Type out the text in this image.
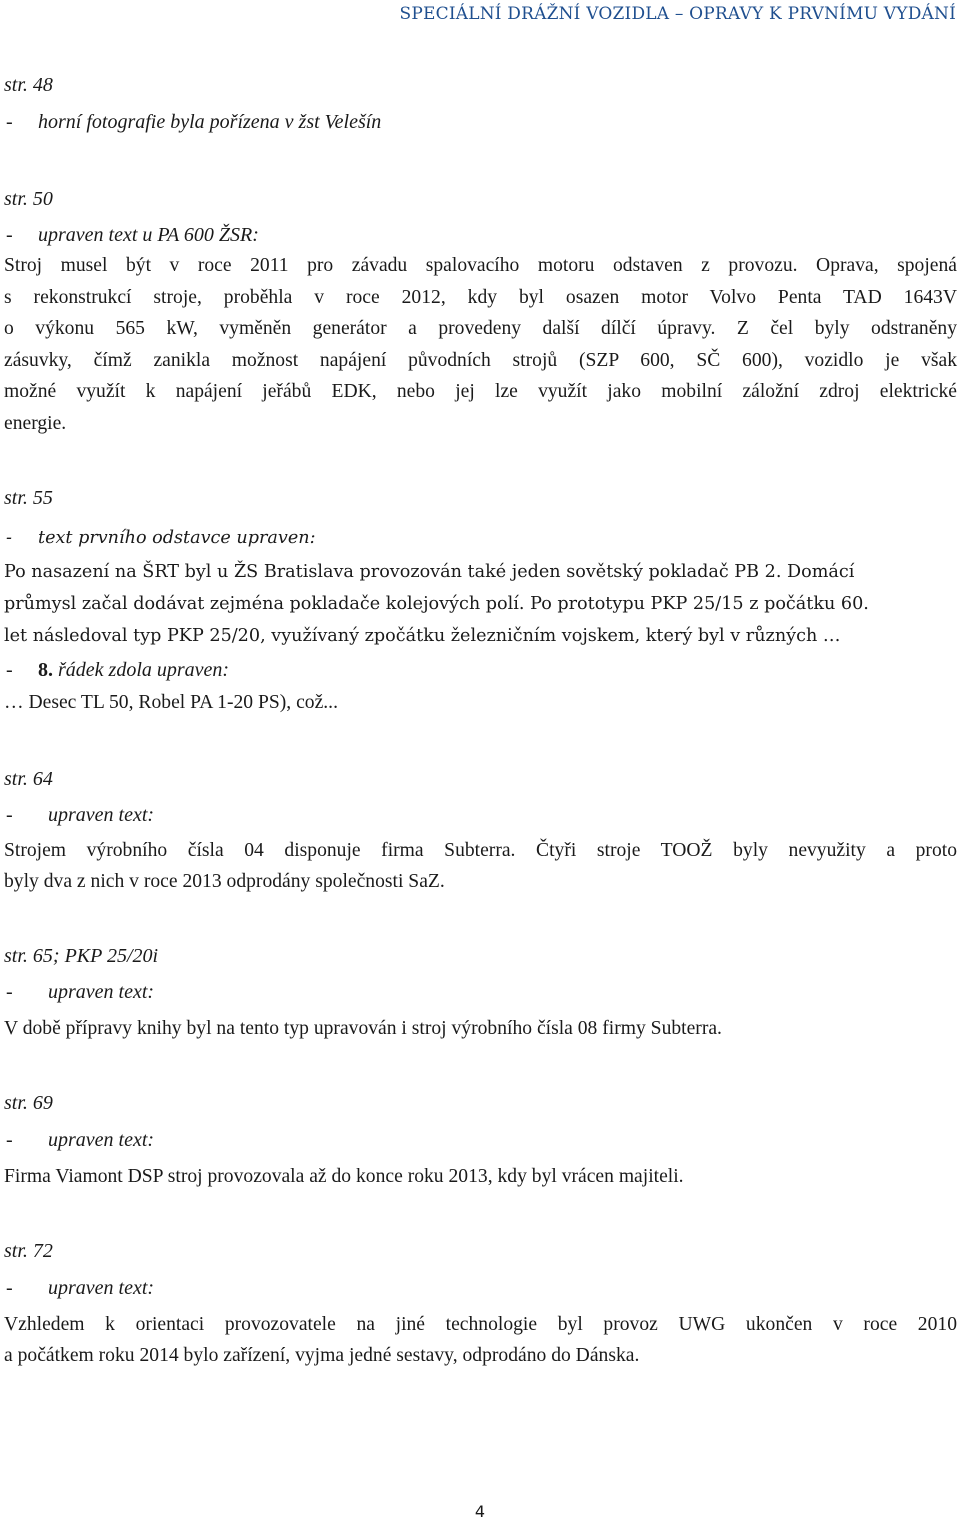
SPECIÁLNÍ DRÁŽNÍ VOZIDLA – OPRAVY K PRVNÍMU VYDÁNÍ
str. 48
- horní fotografie byla pořízena v žst Velešín
str. 50
- upraven text u PA 600 ŽSR:
Stroj musel být v roce 2011 pro závadu spalovacího motoru odstaven z provozu. Oprava, spojená
s rekonstrukcí stroje, proběhla v roce 2012, kdy byl osazen motor Volvo Penta TAD 1643V
o výkonu 565 kW, vyměněn generátor a provedeny další dílčí úpravy. Z čel byly odstraněny
zásuvky, čímž zanikla možnost napájení původních strojů (SZP 600, SČ 600), vozidlo je však
možné využít k napájení jeřábů EDK, nebo jej lze využít jako mobilní záložní zdroj elektrické
energie.
str. 55
- text prvního odstavce upraven:
Po nasazení na ŠRT byl u ŽS Bratislava provozován také jeden sovětský pokladač PB 2. Domácí
průmysl začal dodávat zejména pokladače kolejových polí. Po prototypu PKP 25/15 z počátku 60.
let následoval typ PKP 25/20, využívaný zpočátku železničním vojskem, který byl v různých …
- 8. řádek zdola upraven:
… Desec TL 50, Robel PA 1-20 PS), což...
str. 64
- upraven text:
Strojem výrobního čísla 04 disponuje firma Subterra. Čtyři stroje TOOŽ byly nevyužity a proto
byly dva z nich v roce 2013 odprodány společnosti SaZ.
str. 65; PKP 25/20i
- upraven text:
V době přípravy knihy byl na tento typ upravován i stroj výrobního čísla 08 firmy Subterra.
str. 69
- upraven text:
Firma Viamont DSP stroj provozovala až do konce roku 2013, kdy byl vrácen majiteli.
str. 72
- upraven text:
Vzhledem k orientaci provozovatele na jiné technologie byl provoz UWG ukončen v roce 2010
a počátkem roku 2014 bylo zařízení, vyjma jedné sestavy, odprodáno do Dánska.
4
